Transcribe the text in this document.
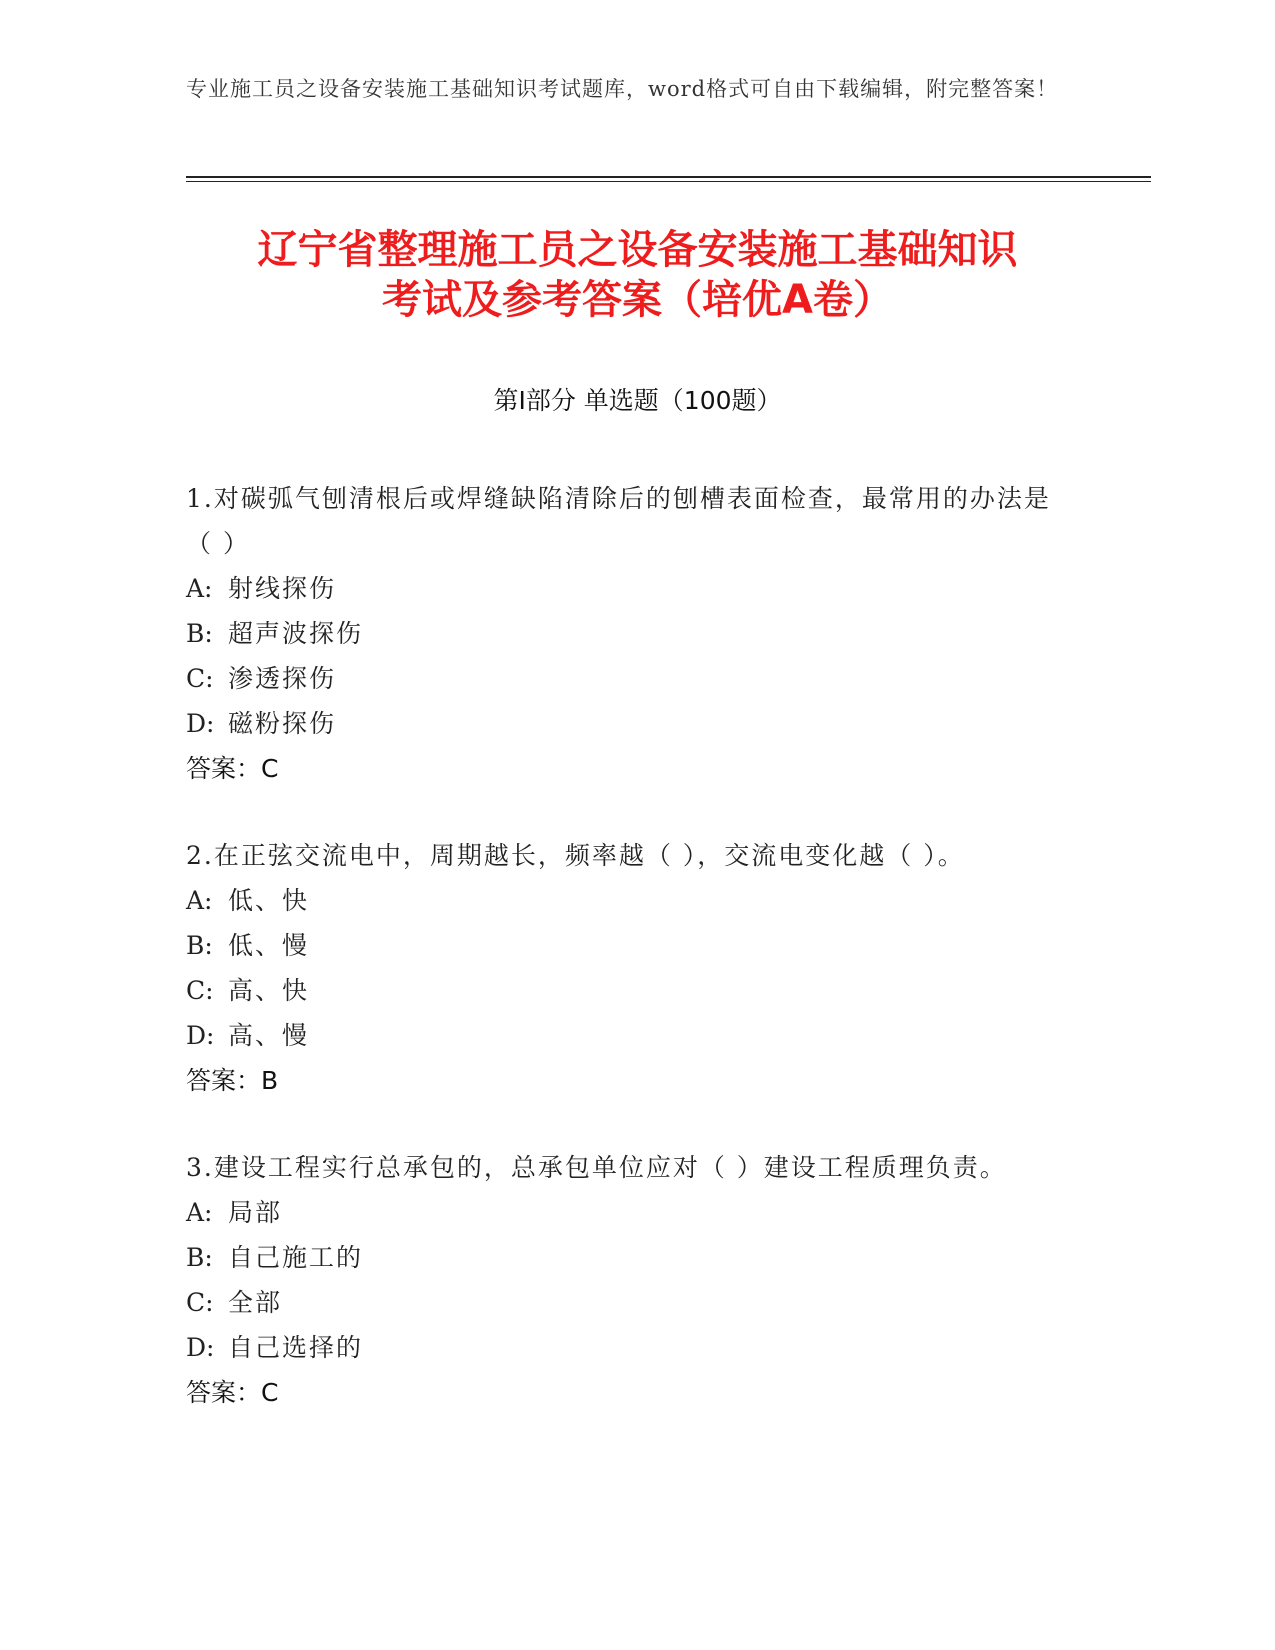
专业施工员之设备安装施工基础知识考试题库，word格式可自由下载编辑，附完整答案！
辽宁省整理施工员之设备安装施工基础知识
考试及参考答案（培优A卷）
第Ⅰ部分 单选题（100题）
1.对碳弧气刨清根后或焊缝缺陷清除后的刨槽表面检查，最常用的办法是（ ）
A: 射线探伤
B: 超声波探伤
C: 渗透探伤
D: 磁粉探伤
答案：C
2.在正弦交流电中，周期越长，频率越（ ），交流电变化越（ ）。
A: 低、快
B: 低、慢
C: 高、快
D: 高、慢
答案：B
3.建设工程实行总承包的，总承包单位应对（ ）建设工程质理负责。
A: 局部
B: 自己施工的
C: 全部
D: 自己选择的
答案：C
